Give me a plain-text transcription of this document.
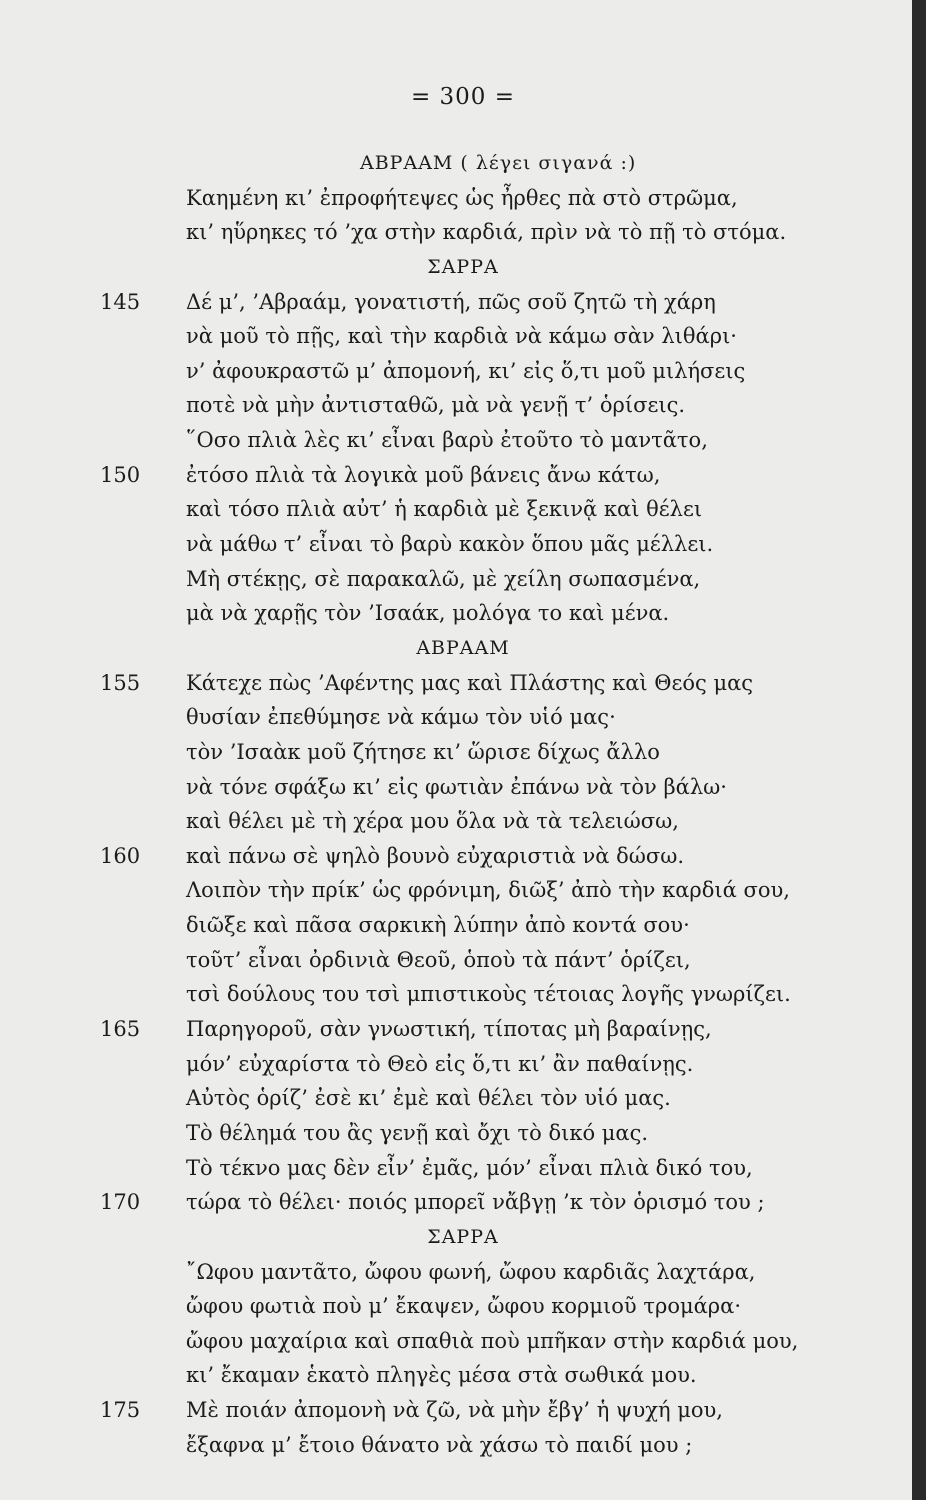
= 300 =
ΑΒΡΑΑΜ ( λέγει σιγανά :)
Καημένη κι’ ἐπροφήτεψες ὡς ἦρθες πὰ στὸ στρῶμα,
κι’ ηὕρηκες τό ’χα στὴν καρδιά, πρὶν νὰ τὸ πῇ τὸ στόμα.
ΣΑΡΡΑ
145 Δέ μ’, ’Αβραάμ, γονατιστή, πῶς σοῦ ζητῶ τὴ χάρη
νὰ μοῦ τὸ πῇς, καὶ τὴν καρδιὰ νὰ κάμω σὰν λιθάρι·
ν’ ἀφουκραστῶ μ’ ἀπομονή, κι’ εἰς ὅ,τι μοῦ μιλήσεις
ποτὲ νὰ μὴν ἀντισταθῶ, μὰ νὰ γενῇ τ’ ὁρίσεις.
῞Οσο πλιὰ λὲς κι’ εἶναι βαρὺ ἐτοῦτο τὸ μαντᾶτο,
150 ἐτόσο πλιὰ τὰ λογικὰ μοῦ βάνεις ἄνω κάτω,
καὶ τόσο πλιὰ αὐτ’ ἡ καρδιὰ μὲ ξεκινᾷ καὶ θέλει
νὰ μάθω τ’ εἶναι τὸ βαρὺ κακὸν ὅπου μᾶς μέλλει.
Μὴ στέκῃς, σὲ παρακαλῶ, μὲ χείλη σωπασμένα,
μὰ νὰ χαρῇς τὸν ’Ισαάκ, μολόγα το καὶ μένα.
ΑΒΡΑΑΜ
155 Κάτεχε πὼς ’Αφέντης μας καὶ Πλάστης καὶ Θεός μας
θυσίαν ἐπεθύμησε νὰ κάμω τὸν υἱό μας·
τὸν ’Ισαὰκ μοῦ ζήτησε κι’ ὥρισε δίχως ἄλλο
νὰ τόνε σφάξω κι’ εἰς φωτιὰν ἐπάνω νὰ τὸν βάλω·
καὶ θέλει μὲ τὴ χέρα μου ὅλα νὰ τὰ τελειώσω,
160 καὶ πάνω σὲ ψηλὸ βουνὸ εὐχαριστιὰ νὰ δώσω.
Λοιπὸν τὴν πρίκ’ ὡς φρόνιμη, διῶξ’ ἀπὸ τὴν καρδιά σου,
διῶξε καὶ πᾶσα σαρκικὴ λύπην ἀπὸ κοντά σου·
τοῦτ’ εἶναι ὀρδινιὰ Θεοῦ, ὁποὺ τὰ πάντ’ ὁρίζει,
τσὶ δούλους του τσὶ μπιστικοὺς τέτοιας λογῆς γνωρίζει.
165 Παρηγοροῦ, σὰν γνωστική, τίποτας μὴ βαραίνῃς,
μόν’ εὐχαρίστα τὸ Θεὸ εἰς ὅ,τι κι’ ἂν παθαίνῃς.
Αὐτὸς ὁρίζ’ ἐσὲ κι’ ἐμὲ καὶ θέλει τὸν υἱό μας.
Τὸ θέλημά του ἂς γενῇ καὶ ὄχι τὸ δικό μας.
Τὸ τέκνο μας δὲν εἶν’ ἐμᾶς, μόν’ εἶναι πλιὰ δικό του,
170 τώρα τὸ θέλει· ποιός μπορεῖ νἄβγῃ ’κ τὸν ὁρισμό του ;
ΣΑΡΡΑ
῎Ωφου μαντᾶτο, ὤφου φωνή, ὤφου καρδιᾶς λαχτάρα,
ὤφου φωτιὰ ποὺ μ’ ἔκαψεν, ὤφου κορμιοῦ τρομάρα·
ὤφου μαχαίρια καὶ σπαθιὰ ποὺ μπῆκαν στὴν καρδιά μου,
κι’ ἔκαμαν ἑκατὸ πληγὲς μέσα στὰ σωθικά μου.
175 Μὲ ποιάν ἀπομονὴ νὰ ζῶ, νὰ μὴν ἔβγ’ ἡ ψυχή μου,
ἔξαφνα μ’ ἔτοιο θάνατο νὰ χάσω τὸ παιδί μου ;
